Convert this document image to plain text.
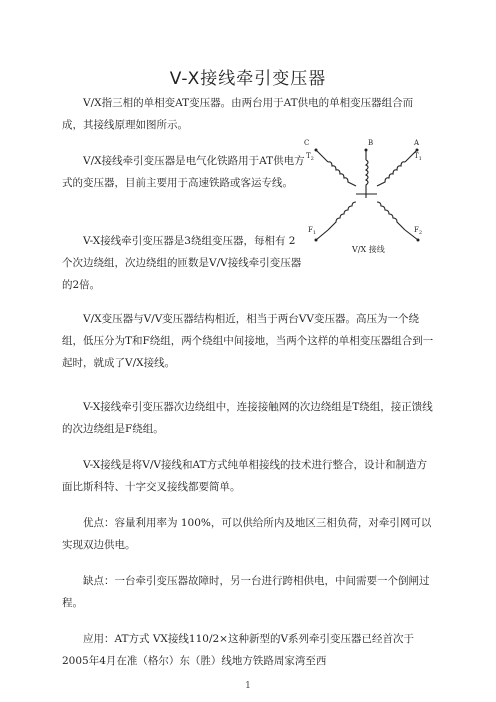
V-X接线牵引变压器

V/X指三相的单相变AT变压器。由两台用于AT供电的单相变压器组合而成，其接线原理如图所示。

V/X接线牵引变压器是电气化铁路用于AT供电方式的变压器，目前主要用于高速铁路或客运专线。

V-X接线牵引变压器是3绕组变压器，每相有 2 个次边绕组，次边绕组的匝数是V/V接线牵引变压器的2倍。

V/X变压器与V/V变压器结构相近，相当于两台VV变压器。高压为一个绕组，低压分为T和F绕组，两个绕组中间接地，当两个这样的单相变压器组合到一起时，就成了V/X接线。

V-X接线牵引变压器次边绕组中，连接接触网的次边绕组是T绕组，接正馈线的次边绕组是F绕组。

V-X接线是将V/V接线和AT方式纯单相接线的技术进行整合，设计和制造方面比斯科特、十字交叉接线都要简单。

优点：容量利用率为 100%，可以供给所内及地区三相负荷，对牵引网可以实现双边供电。

缺点：一台牵引变压器故障时，另一台进行跨相供电，中间需要一个倒闸过程。

应用：AT方式 VX接线110/2×这种新型的V系列牵引变压器已经首次于2005年4月在准（格尔）东（胜）线地方铁路周家湾至西

C
$T_2$
B	A
$T_1$
$F_1$	$F_2$
V/X 接线
1
